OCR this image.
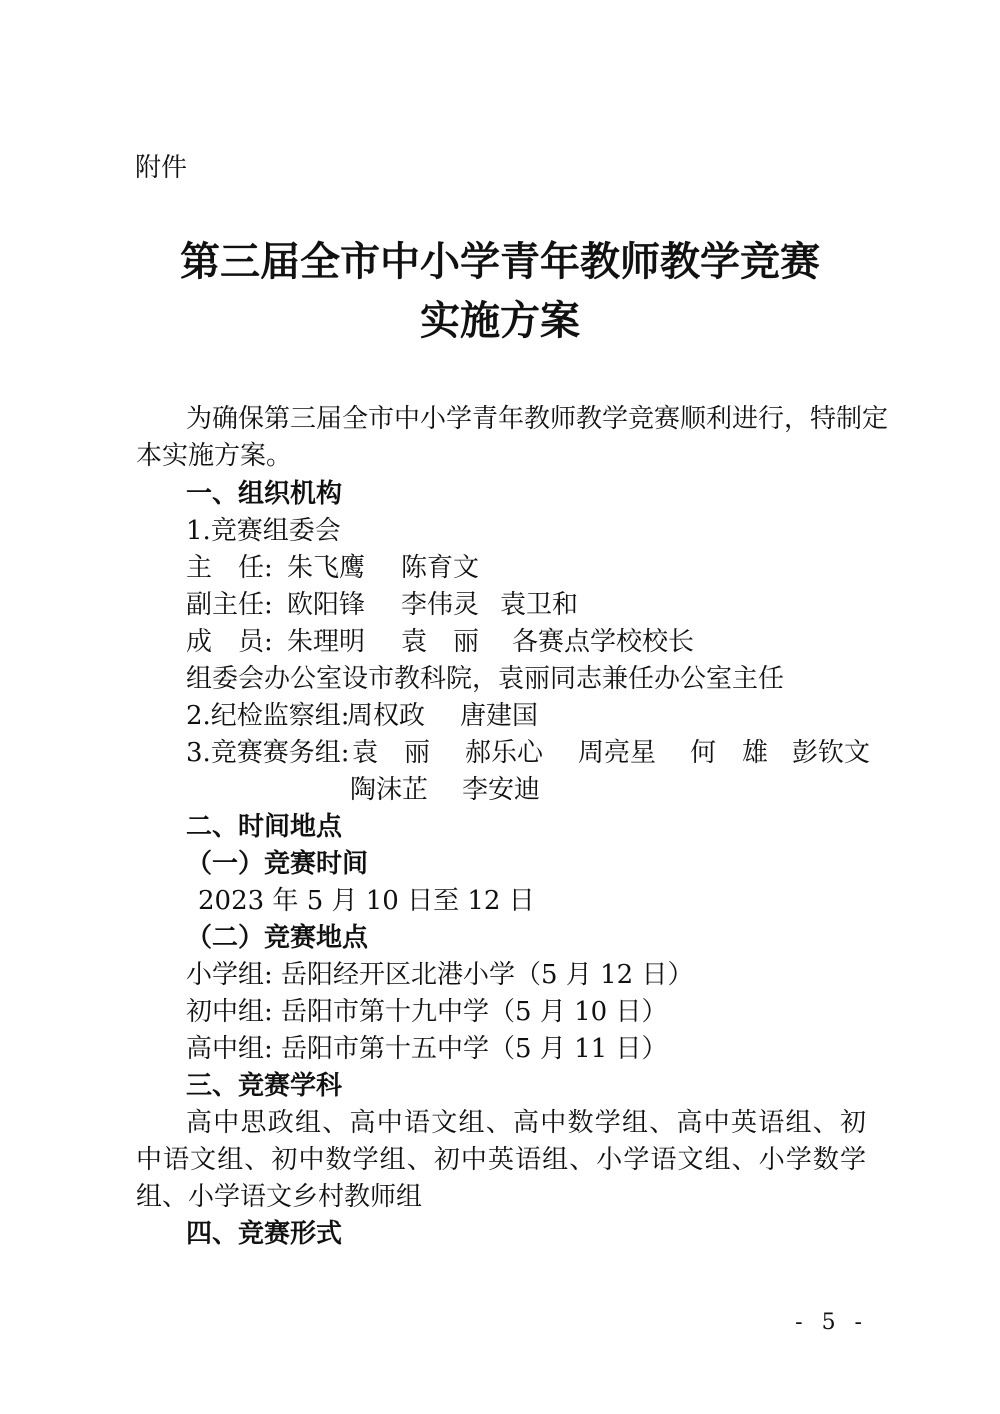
附件
第三届全市中小学青年教师教学竞赛
实施方案
为确保第三届全市中小学青年教师教学竞赛顺利进行，特制定
本实施方案。
一、组织机构
1.竞赛组委会
主　任: 朱飞鹰 陈育文
副主任: 欧阳锋 李伟灵 袁卫和
成　员: 朱理明 袁　丽 各赛点学校校长
组委会办公室设市教科院，袁丽同志兼任办公室主任
2.纪检监察组:
周权政 唐建国
3.竞赛赛务组: 袁　丽 郝乐心 周亮星 何　雄 彭钦文
陶沫芷 李安迪
二、时间地点
（一）竞赛时间
2023 年 5 月 10 日至 12 日
（二）竞赛地点
小学组: 岳阳经开区北港小学（5 月 12 日）
初中组: 岳阳市第十九中学（5 月 10 日）
高中组: 岳阳市第十五中学（5 月 11 日）
三、竞赛学科
高中思政组、高中语文组、高中数学组、高中英语组、初
中语文组、初中数学组、初中英语组、小学语文组、小学数学
组、小学语文乡村教师组
四、竞赛形式
- 5 -
